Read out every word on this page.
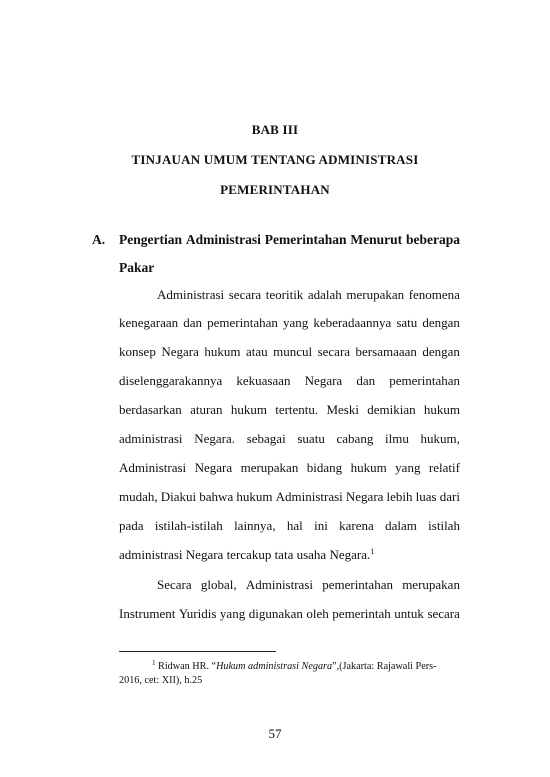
BAB III
TINJAUAN UMUM TENTANG ADMINISTRASI
PEMERINTAHAN
A. Pengertian Administrasi Pemerintahan Menurut beberapa
Pakar
Administrasi secara teoritik adalah merupakan fenomena
kenegaraan dan pemerintahan yang keberadaannya satu dengan
konsep Negara hukum atau muncul secara bersamaaan dengan
diselenggarakannya kekuasaan Negara dan pemerintahan
berdasarkan aturan hukum tertentu. Meski demikian hukum
administrasi Negara. sebagai suatu cabang ilmu hukum,
Administrasi Negara merupakan bidang hukum yang relatif
mudah, Diakui bahwa hukum Administrasi Negara lebih luas dari
pada istilah-istilah lainnya, hal ini karena dalam istilah
administrasi Negara tercakup tata usaha Negara. 1
Secara global, Administrasi pemerintahan merupakan
Instrument Yuridis yang digunakan oleh pemerintah untuk secara
$^1$ Ridwan HR. “Hukum administrasi Negara”,(Jakarta: Rajawali Pers-
2016, cet: XII), h.25
57
